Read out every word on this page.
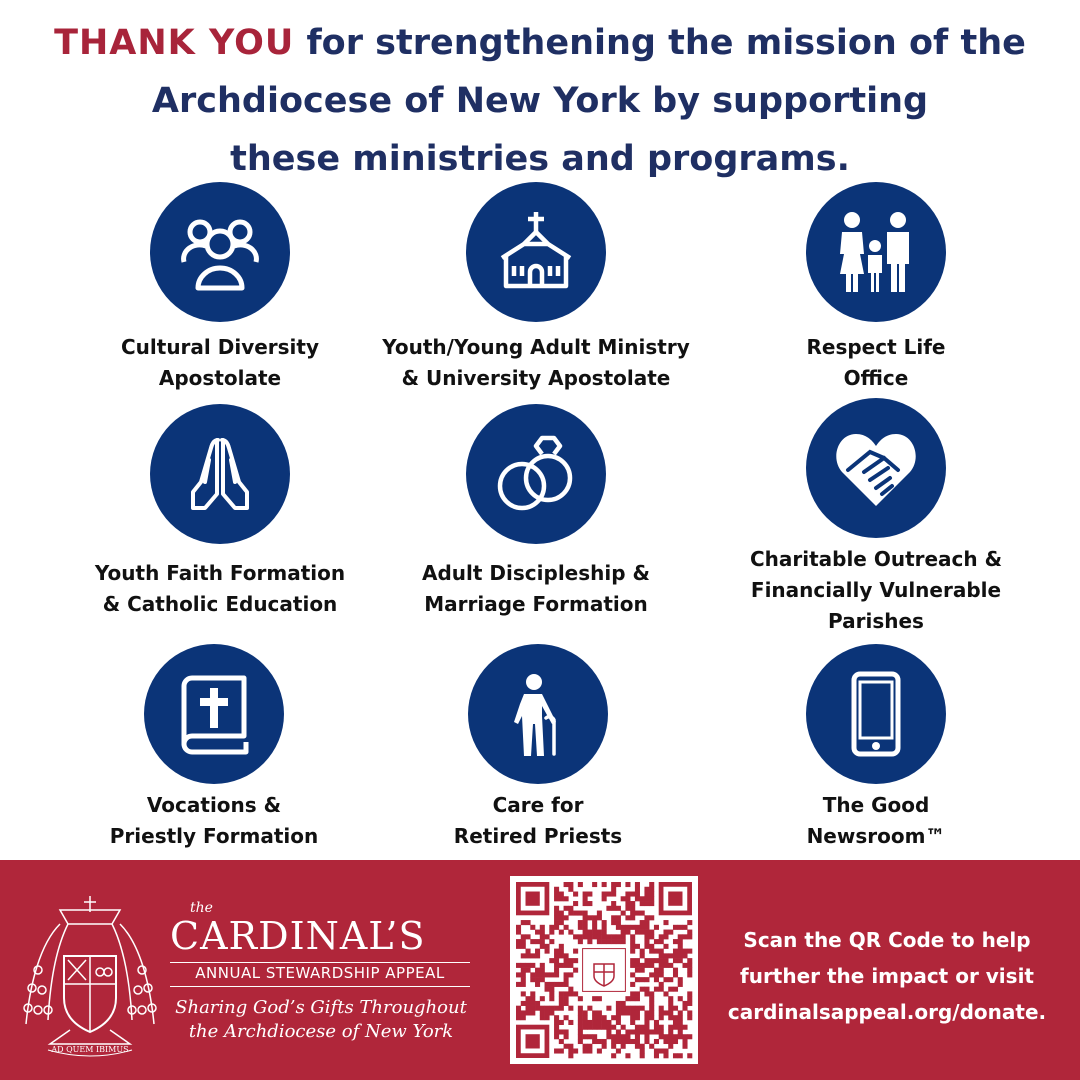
THANK YOU for strengthening the mission of the
Archdiocese of New York by supporting
these ministries and programs.
Cultural Diversity
Apostolate
Youth/Young Adult Ministry
& University Apostolate
Respect Life
Office
Youth Faith Formation
& Catholic Education
Adult Discipleship &
Marriage Formation
Charitable Outreach &
Financially Vulnerable
Parishes
Vocations &
Priestly Formation
Care for
Retired Priests
The Good
Newsroom™
AD QUEM IBIMUS
the
CARDINAL’S
ANNUAL STEWARDSHIP APPEAL
Sharing God’s Gifts Throughout
the Archdiocese of New York
Scan the QR Code to help
further the impact or visit
cardinalsappeal.org/donate.
